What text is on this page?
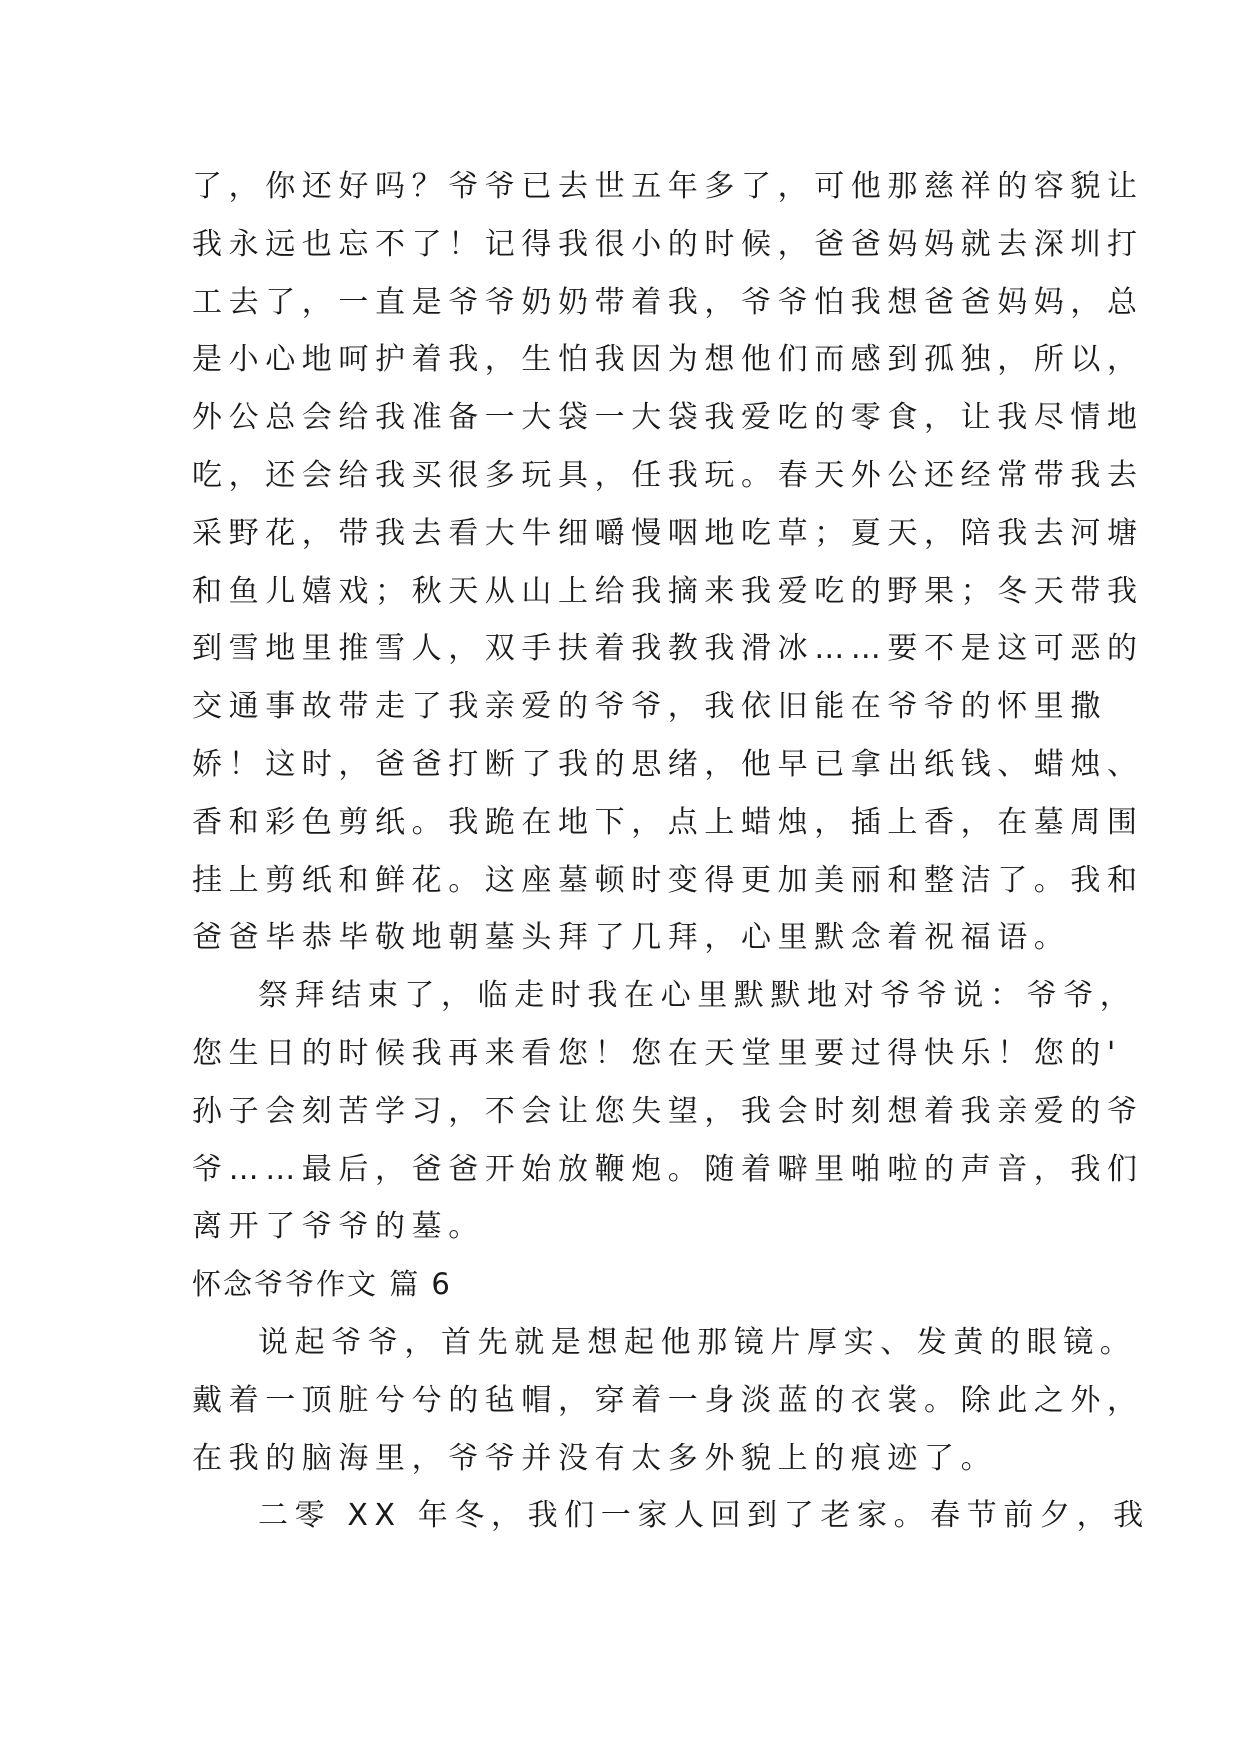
了，你还好吗？爷爷已去世五年多了，可他那慈祥的容貌让
我永远也忘不了！记得我很小的时候，爸爸妈妈就去深圳打
工去了，一直是爷爷奶奶带着我，爷爷怕我想爸爸妈妈，总
是小心地呵护着我，生怕我因为想他们而感到孤独，所以，
外公总会给我准备一大袋一大袋我爱吃的零食，让我尽情地
吃，还会给我买很多玩具，任我玩。春天外公还经常带我去
采野花，带我去看大牛细嚼慢咽地吃草；夏天，陪我去河塘
和鱼儿嬉戏；秋天从山上给我摘来我爱吃的野果；冬天带我
到雪地里推雪人，双手扶着我教我滑冰……要不是这可恶的
交通事故带走了我亲爱的爷爷，我依旧能在爷爷的怀里撒
娇！这时，爸爸打断了我的思绪，他早已拿出纸钱、蜡烛、
香和彩色剪纸。我跪在地下，点上蜡烛，插上香，在墓周围
挂上剪纸和鲜花。这座墓顿时变得更加美丽和整洁了。我和
爸爸毕恭毕敬地朝墓头拜了几拜，心里默念着祝福语。
祭拜结束了，临走时我在心里默默地对爷爷说：爷爷，
您生日的时候我再来看您！您在天堂里要过得快乐！您的'
孙子会刻苦学习，不会让您失望，我会时刻想着我亲爱的爷
爷……最后，爸爸开始放鞭炮。随着噼里啪啦的声音，我们
离开了爷爷的墓。
怀念爷爷作文 篇 6
说起爷爷，首先就是想起他那镜片厚实、发黄的眼镜。
戴着一顶脏兮兮的毡帽，穿着一身淡蓝的衣裳。除此之外，
在我的脑海里，爷爷并没有太多外貌上的痕迹了。
二零 XX 年冬，我们一家人回到了老家。春节前夕，我
